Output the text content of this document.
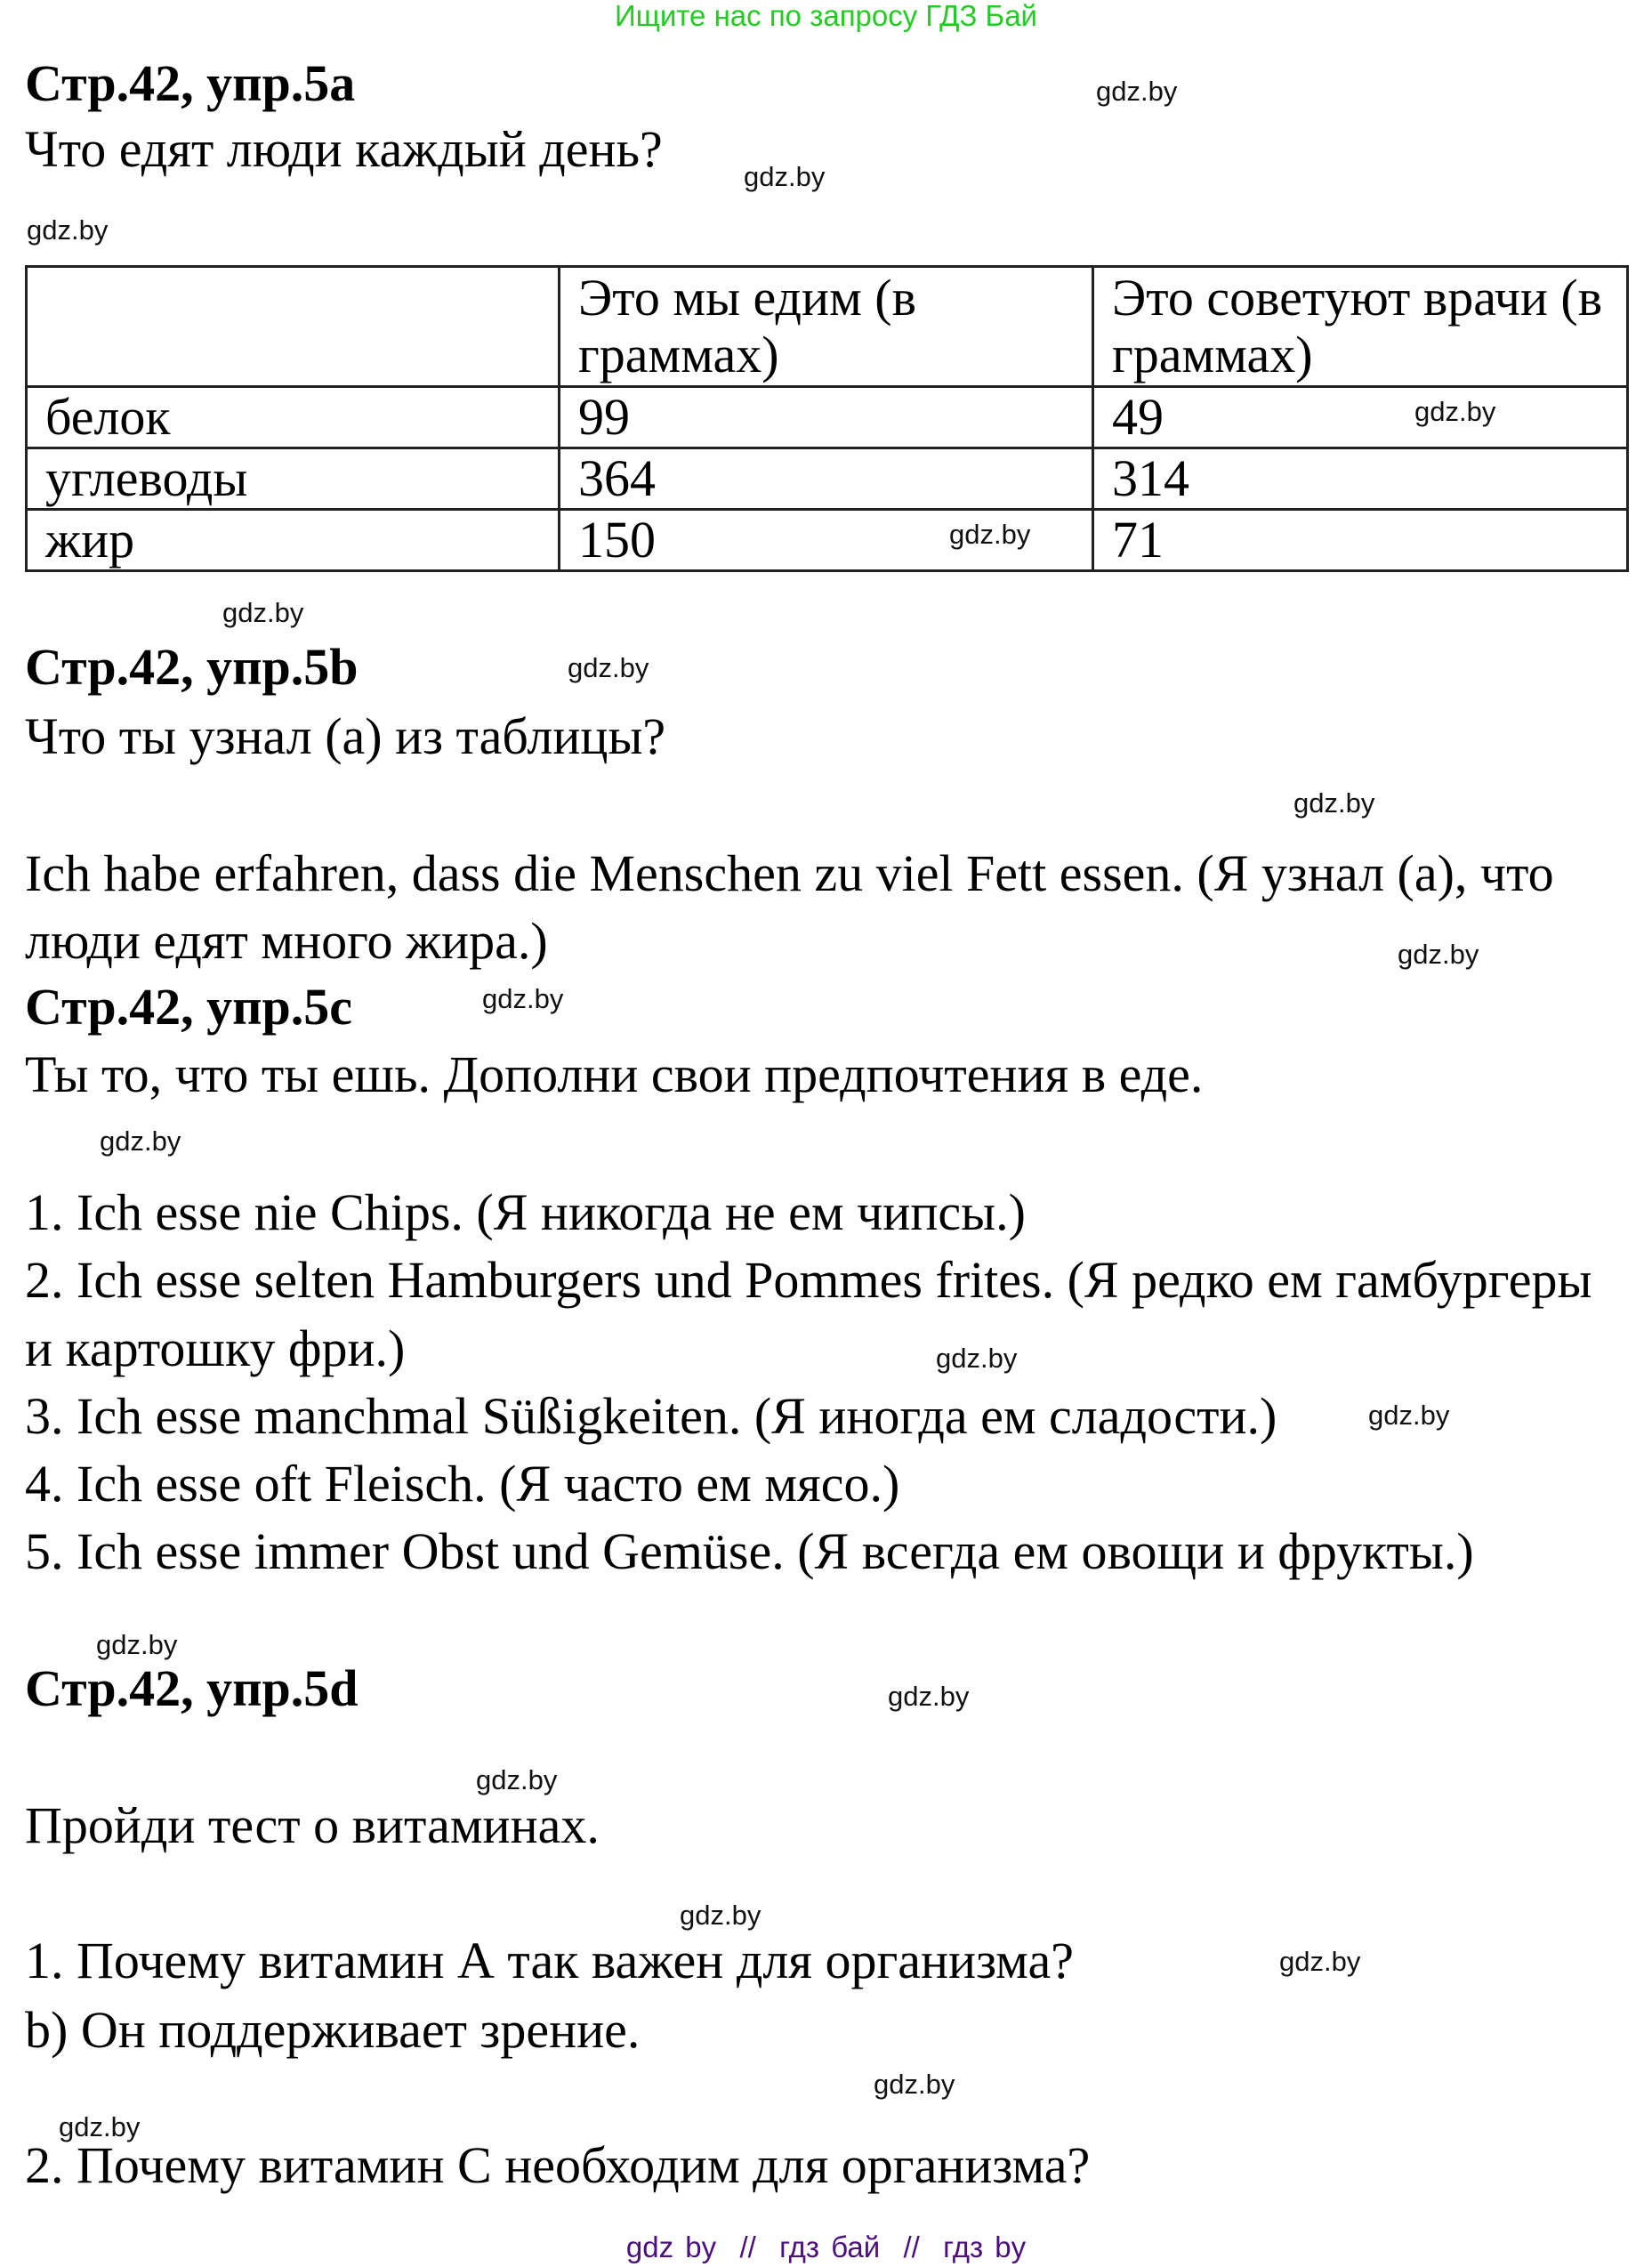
Ищите нас по запросу ГДЗ Бай
Стр.42, упр.5a	gdz.by
Что едят люди каждый день?	gdz.by
gdz.by
	Это мы едим (в граммах)	Это советуют врачи (в граммах)
белок	99	49
углеводы	364	314
жир	150	71
gdz.by
gdz.by
gdz.by
Стр.42, упр.5b	gdz.by
Что ты узнал (а) из таблицы?
gdz.by
Ich habe erfahren, dass die Menschen zu viel Fett essen. (Я узнал (а), что
люди едят много жира.)	gdz.by
gdz.by
Стр.42, упр.5c
Ты то, что ты ешь. Дополни свои предпочтения в еде.
gdz.by
1. Ich esse nie Chips. (Я никогда не ем чипсы.)
2. Ich esse selten Hamburgers und Pommes frites. (Я редко ем гамбургеры
и картошку фри.)	gdz.by
3. Ich esse manchmal Süßigkeiten. (Я иногда ем сладости.)	gdz.by
4. Ich esse oft Fleisch. (Я часто ем мясо.)
5. Ich esse immer Obst und Gemüse. (Я всегда ем овощи и фрукты.)
gdz.by
Стр.42, упр.5d	gdz.by
gdz.by
Пройди тест о витаминах.
gdz.by
gdz.by
1. Почему витамин А так важен для организма?
b) Он поддерживает зрение.
gdz.by
gdz.by
2. Почему витамин С необходим для организма?
gdz by  //  гдз бай  //  гдз by
